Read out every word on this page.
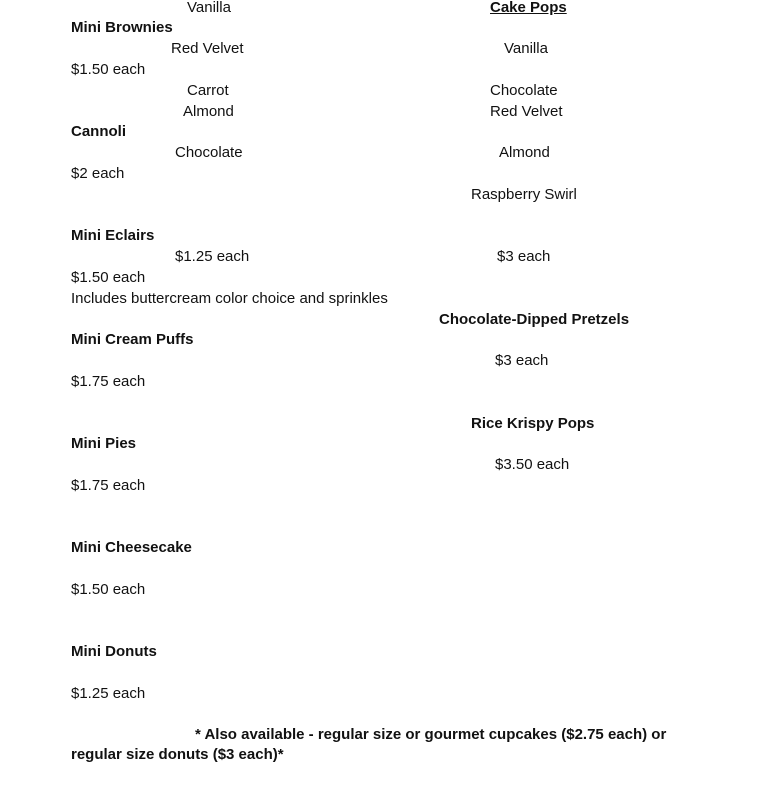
Vanilla
Red Velvet
Carrot
Almond
Chocolate
$1.25 each
Mini Brownies
$1.50 each
Cannoli
$2 each
Mini Eclairs
$1.50 each
Includes buttercream color choice and sprinkles
Mini Cream Puffs
$1.75 each
Mini Pies
$1.75 each
Mini Cheesecake
$1.50 each
Mini Donuts
$1.25 each
Cake Pops
Vanilla
Chocolate
Red Velvet
Almond
Raspberry Swirl
$3 each
Chocolate-Dipped Pretzels
$3 each
Rice Krispy Pops
$3.50 each
* Also available - regular size or gourmet cupcakes ($2.75 each) or regular size donuts ($3 each)*
